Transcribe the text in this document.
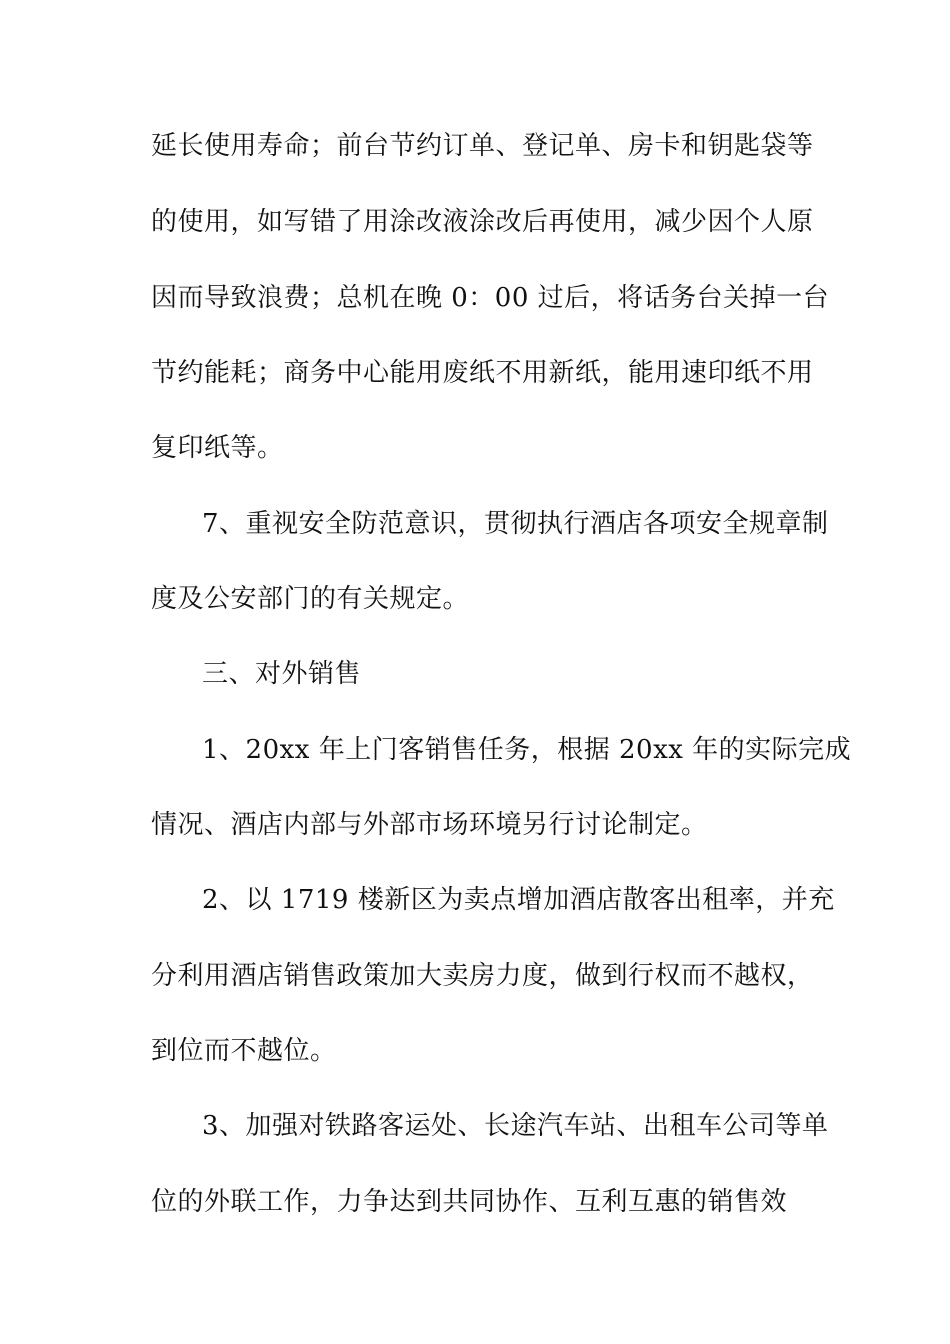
延长使用寿命；前台节约订单、登记单、房卡和钥匙袋等
的使用，如写错了用涂改液涂改后再使用，减少因个人原
因而导致浪费；总机在晚 0：00 过后，将话务台关掉一台
节约能耗；商务中心能用废纸不用新纸，能用速印纸不用
复印纸等。
7、重视安全防范意识，贯彻执行酒店各项安全规章制
度及公安部门的有关规定。
三、对外销售
1、20xx 年上门客销售任务，根据 20xx 年的实际完成
情况、酒店内部与外部市场环境另行讨论制定。
2、以 1719 楼新区为卖点增加酒店散客出租率，并充
分利用酒店销售政策加大卖房力度，做到行权而不越权，
到位而不越位。
3、加强对铁路客运处、长途汽车站、出租车公司等单
位的外联工作，力争达到共同协作、互利互惠的销售效
